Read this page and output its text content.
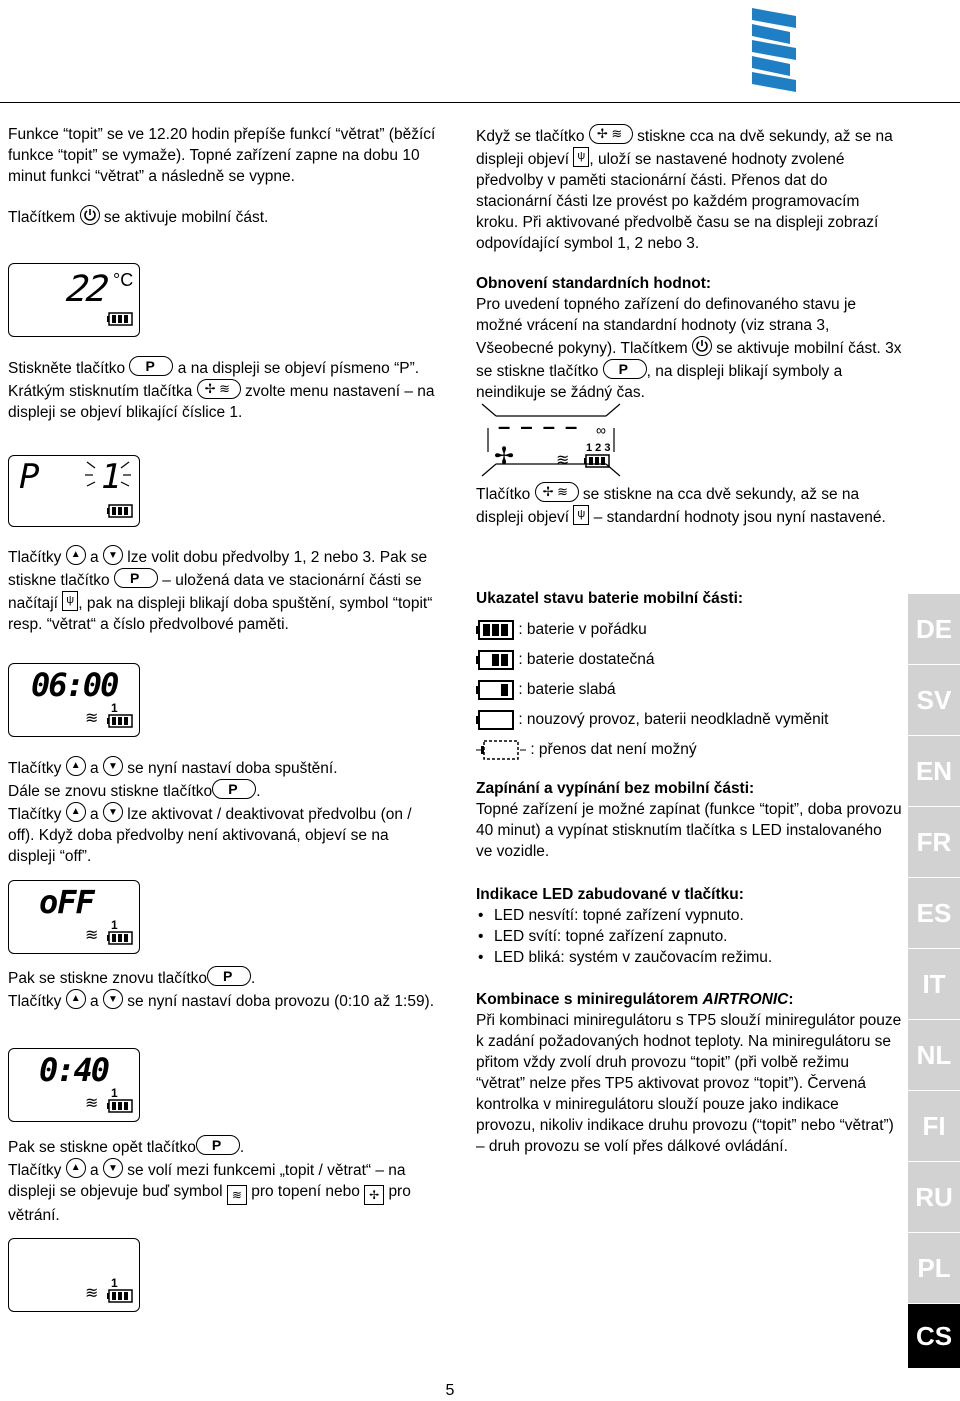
DE
SV
EN
FR
ES
IT
NL
FI
RU
PL
CS

Funkce “topit” se ve 12.20 hodin přepíše funkcí “větrat” (běžící funkce “topit” se vymaže). Topné zařízení zapne na dobu 10 minut funkci “větrat” a následně se vypne.

Tlačítkem se aktivuje mobilní část.

22 °C

Stiskněte tlačítko P a na displeji se objeví písmeno “P”. Krátkým stisknutím tlačítka ✢ ≋ zvolte menu nastavení – na displeji se objeví blikající číslice 1.

P 1

Tlačítky ▲ a ▼ lze volit dobu předvolby 1, 2 nebo 3. Pak se stiskne tlačítko P – uložená data ve stacionární části se načítají ψ , pak na displeji blikají doba spuštění, symbol “topit“ resp. “větrat“ a číslo předvolbové paměti.

06:00
1
≋

Tlačítky ▲ a ▼ se nyní nastaví doba spuštění.
Dále se znovu stiskne tlačítko P .
Tlačítky ▲ a ▼ lze aktivovat / deaktivovat předvolbu (on / off). Když doba předvolby není aktivovaná, objeví se na displeji “off”.

oFF
1
≋

Pak se stiskne znovu tlačítko P .
Tlačítky ▲ a ▼ se nyní nastaví doba provozu (0:10 až 1:59).

0:40
1
≋

Pak se stiskne opět tlačítko P .
Tlačítky ▲ a ▼ se volí mezi funkcemi „topit / větrat“ – na displeji se objevuje buď symbol ≋ pro topení nebo ✢ pro větrání.

1
≋

Když se tlačítko ✢ ≋ stiskne cca na dvě sekundy, až se na displeji objeví ψ , uloží se nastavené hodnoty zvolené předvolby v paměti stacionární části. Přenos dat do stacionární části lze provést po každém programovacím kroku. Při aktivované předvolbě času se na displeji zobrazí odpovídající symbol 1, 2 nebo 3.

Obnovení standardních hodnot:

Pro uvedení topného zařízení do definovaného stavu je možné vrácení na standardní hodnoty (viz strana 3, Všeobecné pokyny). Tlačítkem se aktivuje mobilní část. 3x se stiskne tlačítko P , na displeji blikají symboly a neindikuje se žádný čas.

– – – – ∞
1 2 3
✢	≋

Tlačítko ✢ ≋ se stiskne na cca dvě sekundy, až se na displeji objeví ψ – standardní hodnoty jsou nyní nastavené.

Ukazatel stavu baterie mobilní části:

: baterie v pořádku
: baterie dostatečná
: baterie slabá
: nouzový provoz, baterii neodkladně vyměnit
: přenos dat není možný

Zapínání a vypínání bez mobilní části:

Topné zařízení je možné zapínat (funkce “topit”, doba provozu 40 minut) a vypínat stisknutím tlačítka s LED instalovaného ve vozidle.

Indikace LED zabudované v tlačítku:

• LED nesvítí: topné zařízení vypnuto.
• LED svítí: topné zařízení zapnuto.
• LED bliká: systém v zaučovacím režimu.

Kombinace s miniregulátorem AIRTRONIC:

Při kombinaci miniregulátoru s TP5 slouží miniregulátor pouze k zadání požadovaných hodnot teploty. Na miniregulátoru se přitom vždy zvolí druh provozu “topit” (při volbě režimu “větrat” nelze přes TP5 aktivovat provoz “topit”). Červená kontrolka v miniregulátoru slouží pouze jako indikace provozu, nikoliv indikace druhu provozu (“topit” nebo “větrat”) – druh provozu se volí přes dálkové ovládání.

5
